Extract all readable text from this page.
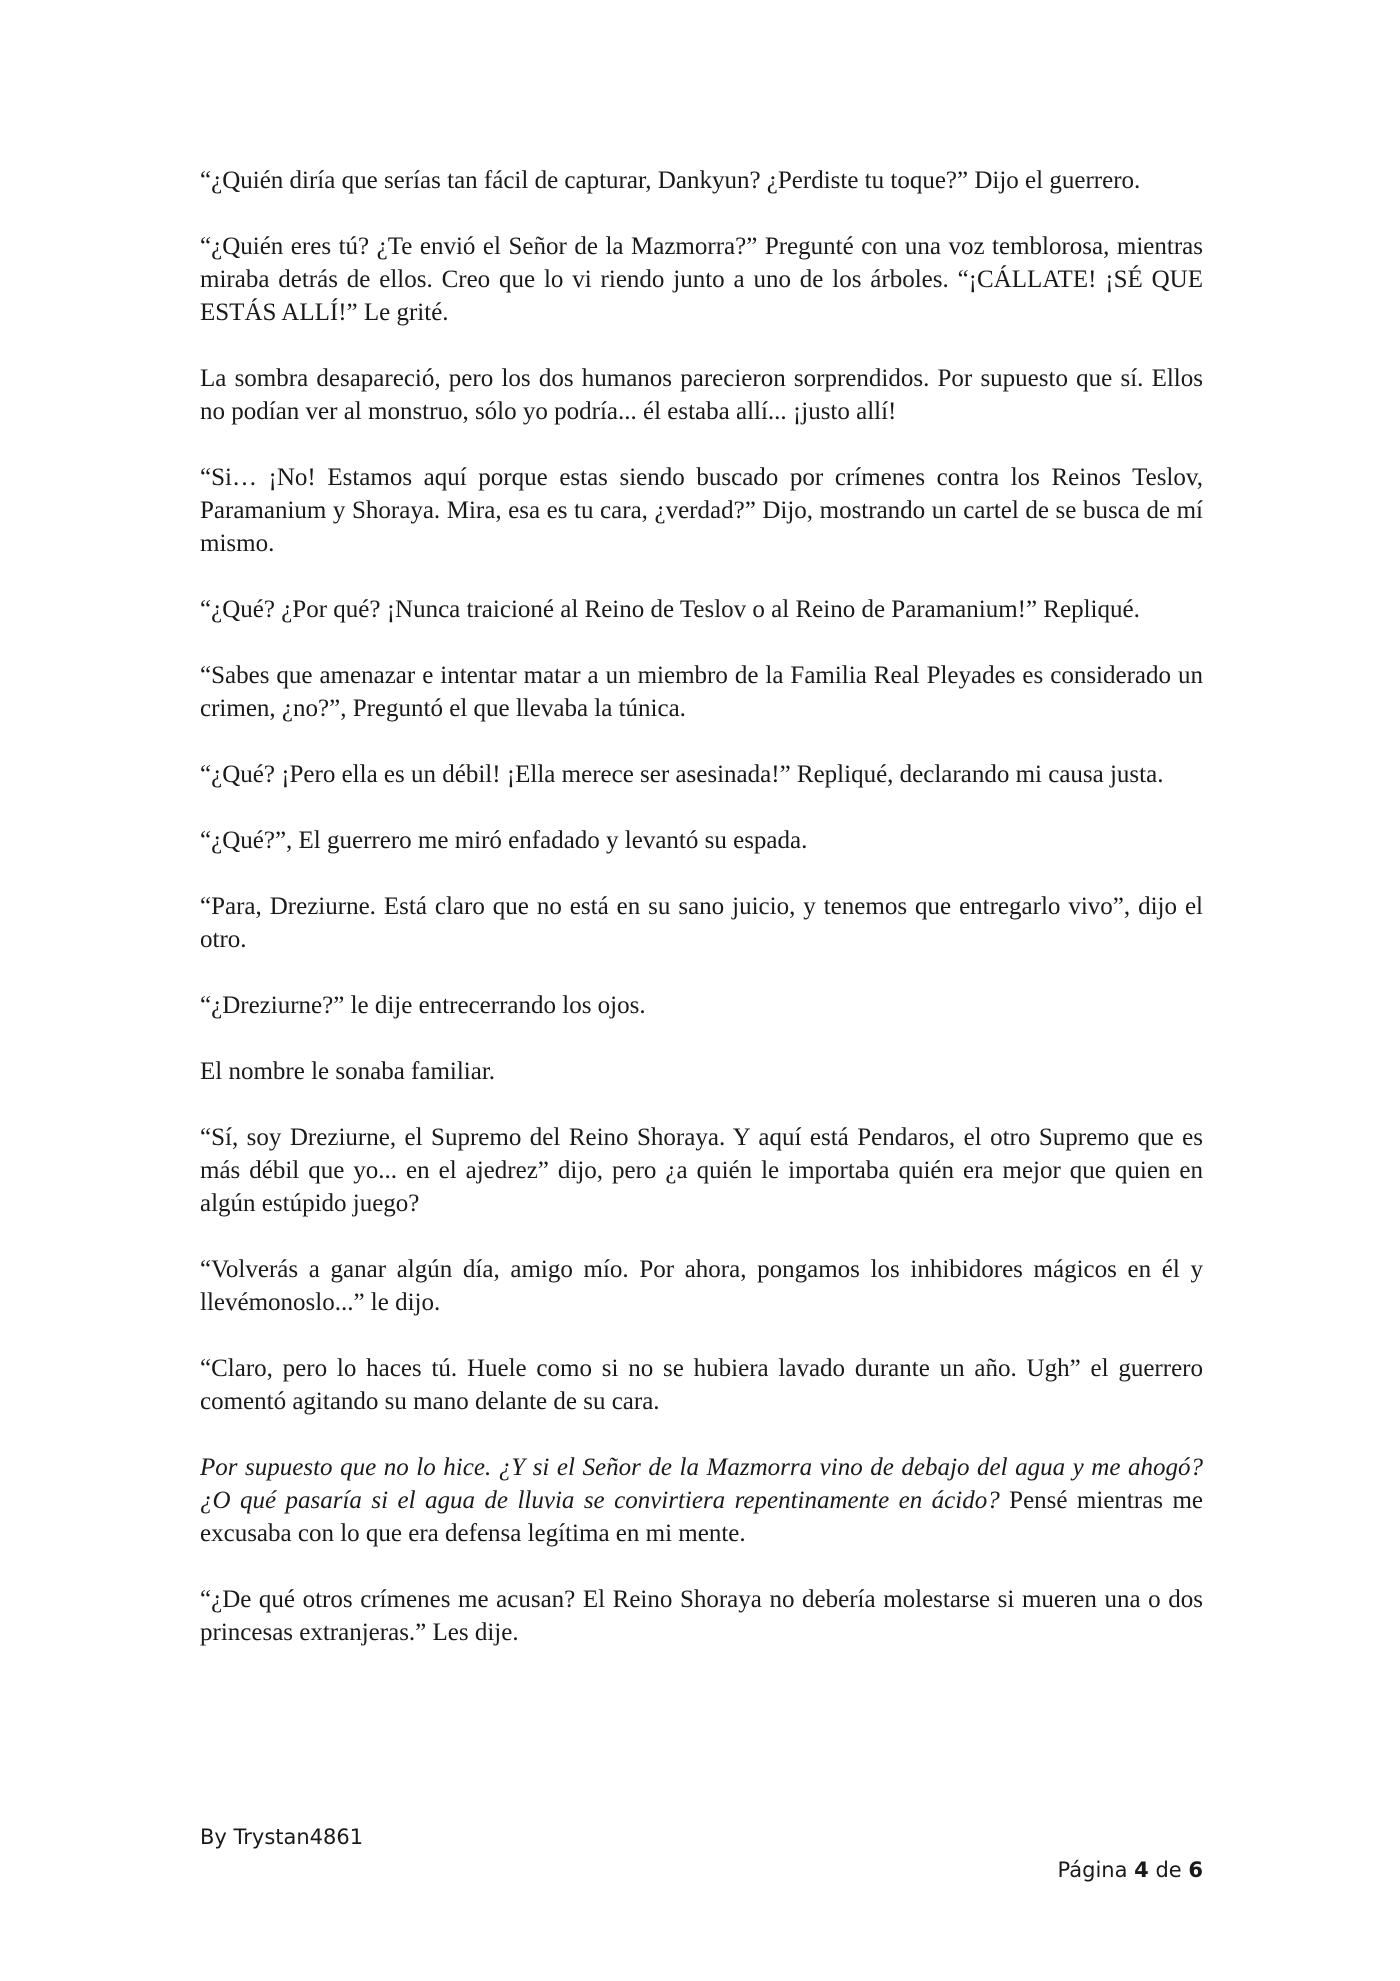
“¿Quién diría que serías tan fácil de capturar, Dankyun? ¿Perdiste tu toque?” Dijo el guerrero.

“¿Quién eres tú? ¿Te envió el Señor de la Mazmorra?” Pregunté con una voz temblorosa, mientras miraba detrás de ellos. Creo que lo vi riendo junto a uno de los árboles. “¡CÁLLATE! ¡SÉ QUE ESTÁS ALLÍ!” Le grité.

La sombra desapareció, pero los dos humanos parecieron sorprendidos. Por supuesto que sí. Ellos no podían ver al monstruo, sólo yo podría... él estaba allí... ¡justo allí!

“Si… ¡No! Estamos aquí porque estas siendo buscado por crímenes contra los Reinos Teslov, Paramanium y Shoraya. Mira, esa es tu cara, ¿verdad?” Dijo, mostrando un cartel de se busca de mí mismo.

“¿Qué? ¿Por qué? ¡Nunca traicioné al Reino de Teslov o al Reino de Paramanium!” Repliqué.

“Sabes que amenazar e intentar matar a un miembro de la Familia Real Pleyades es considerado un crimen, ¿no?”, Preguntó el que llevaba la túnica.

“¿Qué? ¡Pero ella es un débil! ¡Ella merece ser asesinada!” Repliqué, declarando mi causa justa.

“¿Qué?”, El guerrero me miró enfadado y levantó su espada.

“Para, Dreziurne. Está claro que no está en su sano juicio, y tenemos que entregarlo vivo”, dijo el otro.

“¿Dreziurne?” le dije entrecerrando los ojos.

El nombre le sonaba familiar.

“Sí, soy Dreziurne, el Supremo del Reino Shoraya. Y aquí está Pendaros, el otro Supremo que es más débil que yo... en el ajedrez” dijo, pero ¿a quién le importaba quién era mejor que quien en algún estúpido juego?

“Volverás a ganar algún día, amigo mío. Por ahora, pongamos los inhibidores mágicos en él y llevémonoslo...” le dijo.

“Claro, pero lo haces tú. Huele como si no se hubiera lavado durante un año. Ugh” el guerrero comentó agitando su mano delante de su cara.

Por supuesto que no lo hice. ¿Y si el Señor de la Mazmorra vino de debajo del agua y me ahogó? ¿O qué pasaría si el agua de lluvia se convirtiera repentinamente en ácido? Pensé mientras me excusaba con lo que era defensa legítima en mi mente.

“¿De qué otros crímenes me acusan? El Reino Shoraya no debería molestarse si mueren una o dos princesas extranjeras.” Les dije.

By Trystan4861
Página 4 de 6
